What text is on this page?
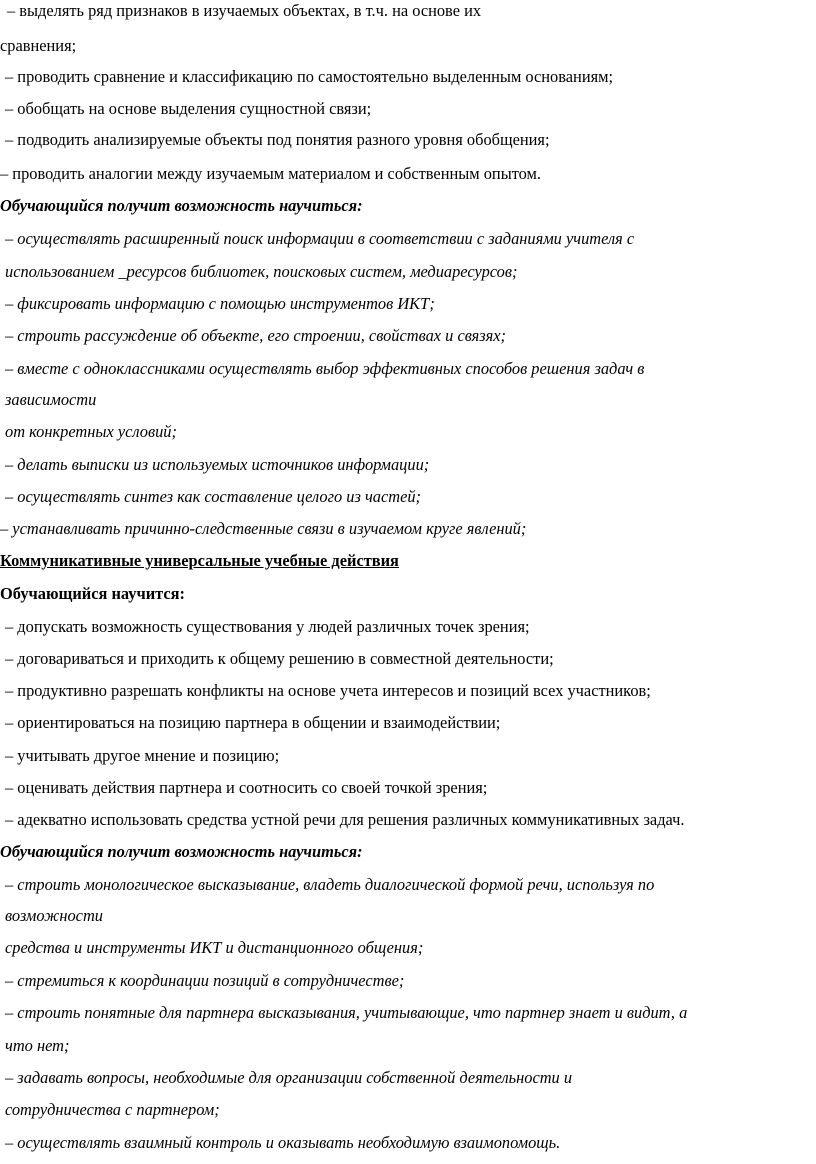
– выделять ряд признаков в изучаемых объектах, в т.ч. на основе их
сравнения;
– проводить сравнение и классификацию по самостоятельно выделенным основаниям;
– обобщать на основе выделения сущностной связи;
– подводить анализируемые объекты под понятия разного уровня обобщения;
– проводить аналогии между изучаемым материалом и собственным опытом.
Обучающийся получит возможность научиться:
– осуществлять расширенный поиск информации в соответствии с заданиями учителя с
использованием _ресурсов библиотек, поисковых систем, медиаресурсов;
– фиксировать информацию с помощью инструментов ИКТ;
– строить рассуждение об объекте, его строении, свойствах и связях;
– вместе с одноклассниками осуществлять выбор эффективных способов решения задач в
зависимости
от конкретных условий;
– делать выписки из используемых источников информации;
– осуществлять синтез как составление целого из частей;
– устанавливать причинно-следственные связи в изучаемом круге явлений;
Коммуникативные универсальные учебные действия
Обучающийся научится:
– допускать возможность существования у людей различных точек зрения;
– договариваться и приходить к общему решению в совместной деятельности;
– продуктивно разрешать конфликты на основе учета интересов и позиций всех участников;
– ориентироваться на позицию партнера в общении и взаимодействии;
– учитывать другое мнение и позицию;
– оценивать действия партнера и соотносить со своей точкой зрения;
– адекватно использовать средства устной речи для решения различных коммуникативных задач.
Обучающийся получит возможность научиться:
– строить монологическое высказывание, владеть диалогической формой речи, используя по
возможности
средства и инструменты ИКТ и дистанционного общения;
– стремиться к координации позиций в сотрудничестве;
– строить понятные для партнера высказывания, учитывающие, что партнер знает и видит, а
что нет;
– задавать вопросы, необходимые для организации собственной деятельности и
сотрудничества с партнером;
– осуществлять взаимный контроль и оказывать необходимую взаимопомощь.
